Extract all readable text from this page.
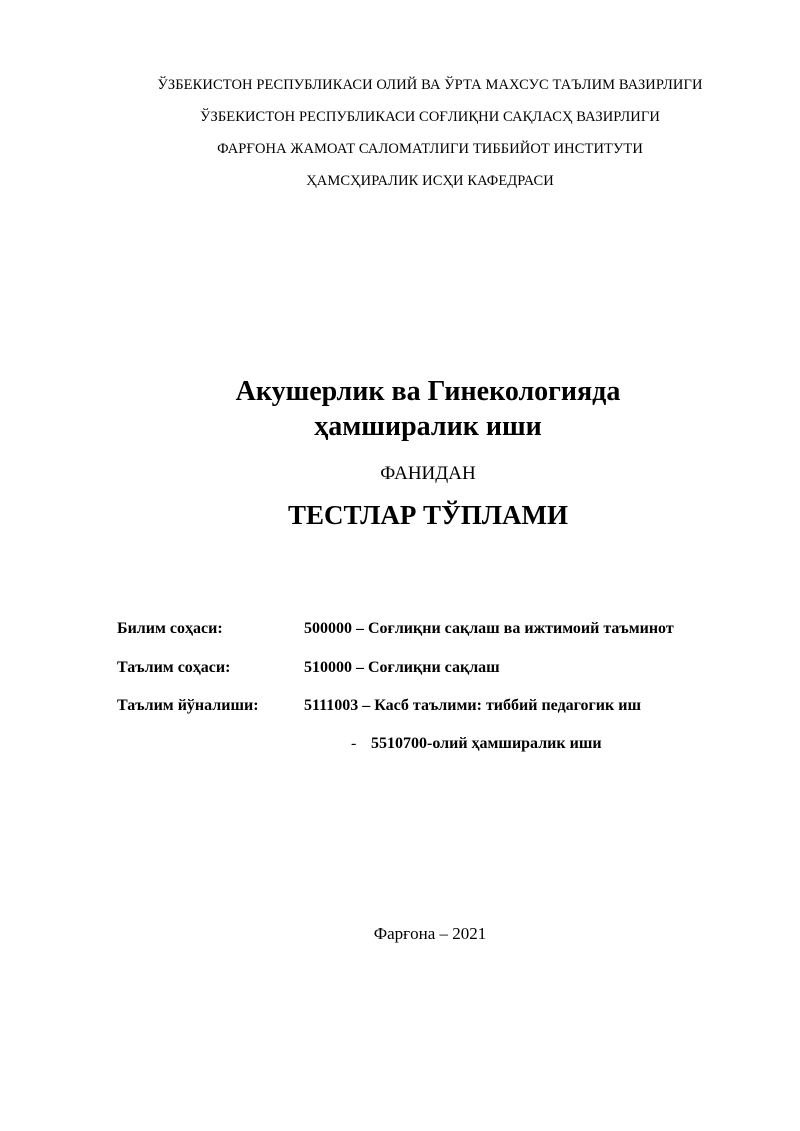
ЎЗБЕКИСТОН РЕСПУБЛИКАСИ ОЛИЙ ВА ЎРТА МАХСУС ТАЪЛИМ ВАЗИРЛИГИ
ЎЗБЕКИСТОН РЕСПУБЛИКАСИ СОҒЛИҚНИ САҚЛАСҲ ВАЗИРЛИГИ
ФАРҒОНА ЖАМОАТ САЛОМАТЛИГИ ТИББИЙОТ ИНСТИТУТИ
ҲАМСҲИРАЛИК ИСҲИ КАФЕДРАСИ
Акушерлик ва Гинекологияда
ҳамширалик иши
ФАНИДАН
ТЕСТЛАР ТЎПЛАМИ
Билим соҳаси:	500000 – Соғлиқни сақлаш ва ижтимоий таъминот
Таълим соҳаси:	510000 – Соғлиқни сақлаш
Таълим йўналиши:	5111003 – Касб таълими: тиббий педагогик иш
- 5510700-олий ҳамширалик иши
Фарғона – 2021
